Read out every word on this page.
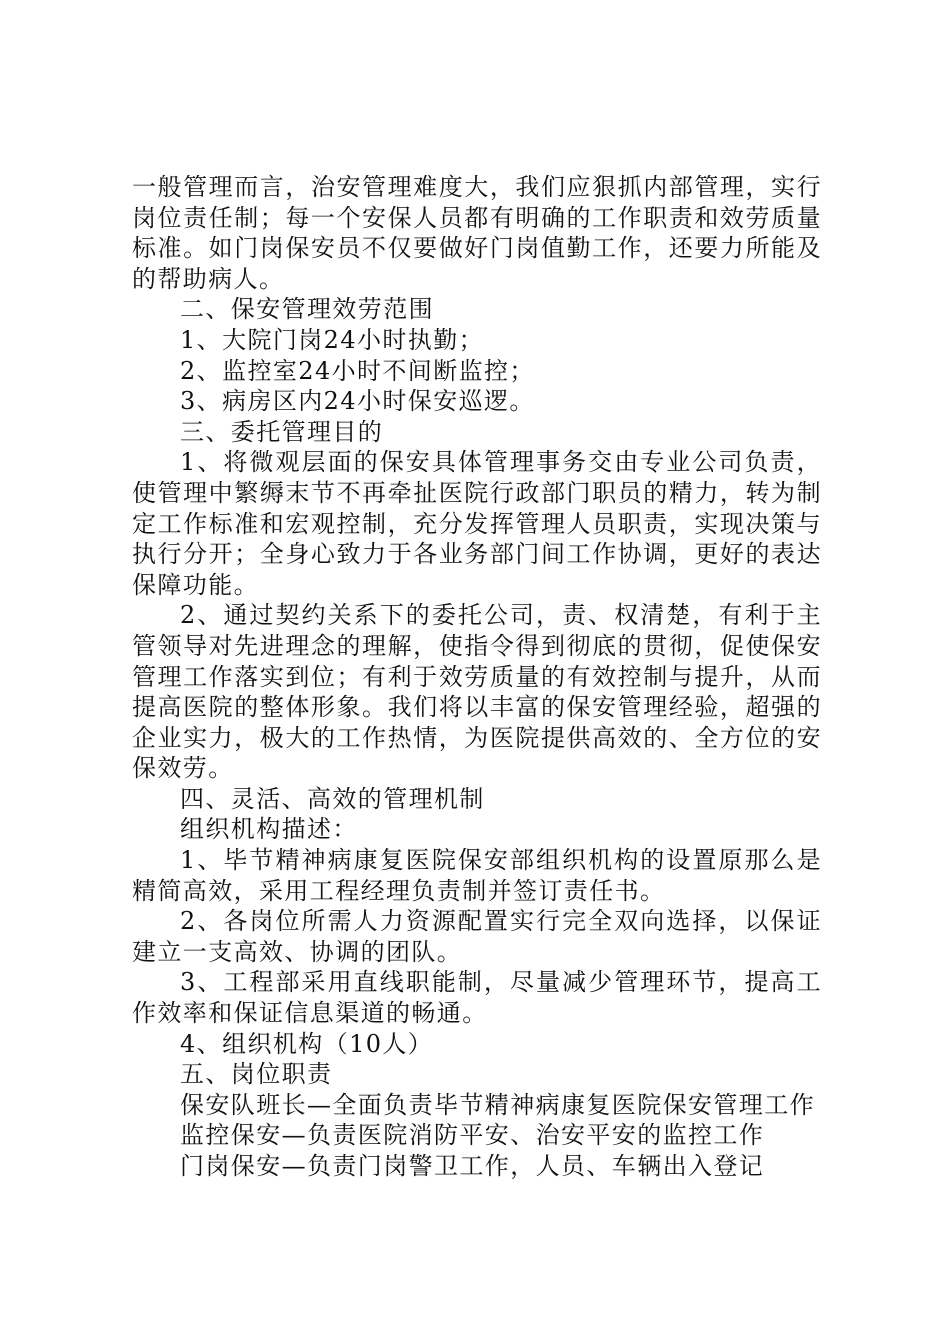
一般管理而言，治安管理难度大，我们应狠抓内部管理，实行岗位责任制；每一个安保人员都有明确的工作职责和效劳质量标准。如门岗保安员不仅要做好门岗值勤工作，还要力所能及的帮助病人。

二、保安管理效劳范围

1、大院门岗24小时执勤；

2、监控室24小时不间断监控；

3、病房区内24小时保安巡逻。

三、委托管理目的

1、将微观层面的保安具体管理事务交由专业公司负责，使管理中繁缛末节不再牵扯医院行政部门职员的精力，转为制定工作标准和宏观控制，充分发挥管理人员职责，实现决策与执行分开；全身心致力于各业务部门间工作协调，更好的表达保障功能。

2、通过契约关系下的委托公司，责、权清楚，有利于主管领导对先进理念的理解，使指令得到彻底的贯彻，促使保安管理工作落实到位；有利于效劳质量的有效控制与提升，从而提高医院的整体形象。我们将以丰富的保安管理经验，超强的企业实力，极大的工作热情，为医院提供高效的、全方位的安保效劳。

四、灵活、高效的管理机制

组织机构描述：

1、毕节精神病康复医院保安部组织机构的设置原那么是精简高效，采用工程经理负责制并签订责任书。

2、各岗位所需人力资源配置实行完全双向选择，以保证建立一支高效、协调的团队。

3、工程部采用直线职能制，尽量减少管理环节，提高工作效率和保证信息渠道的畅通。

4、组织机构（10人）

五、岗位职责

保安队班长—全面负责毕节精神病康复医院保安管理工作

监控保安—负责医院消防平安、治安平安的监控工作

门岗保安—负责门岗警卫工作，人员、车辆出入登记
